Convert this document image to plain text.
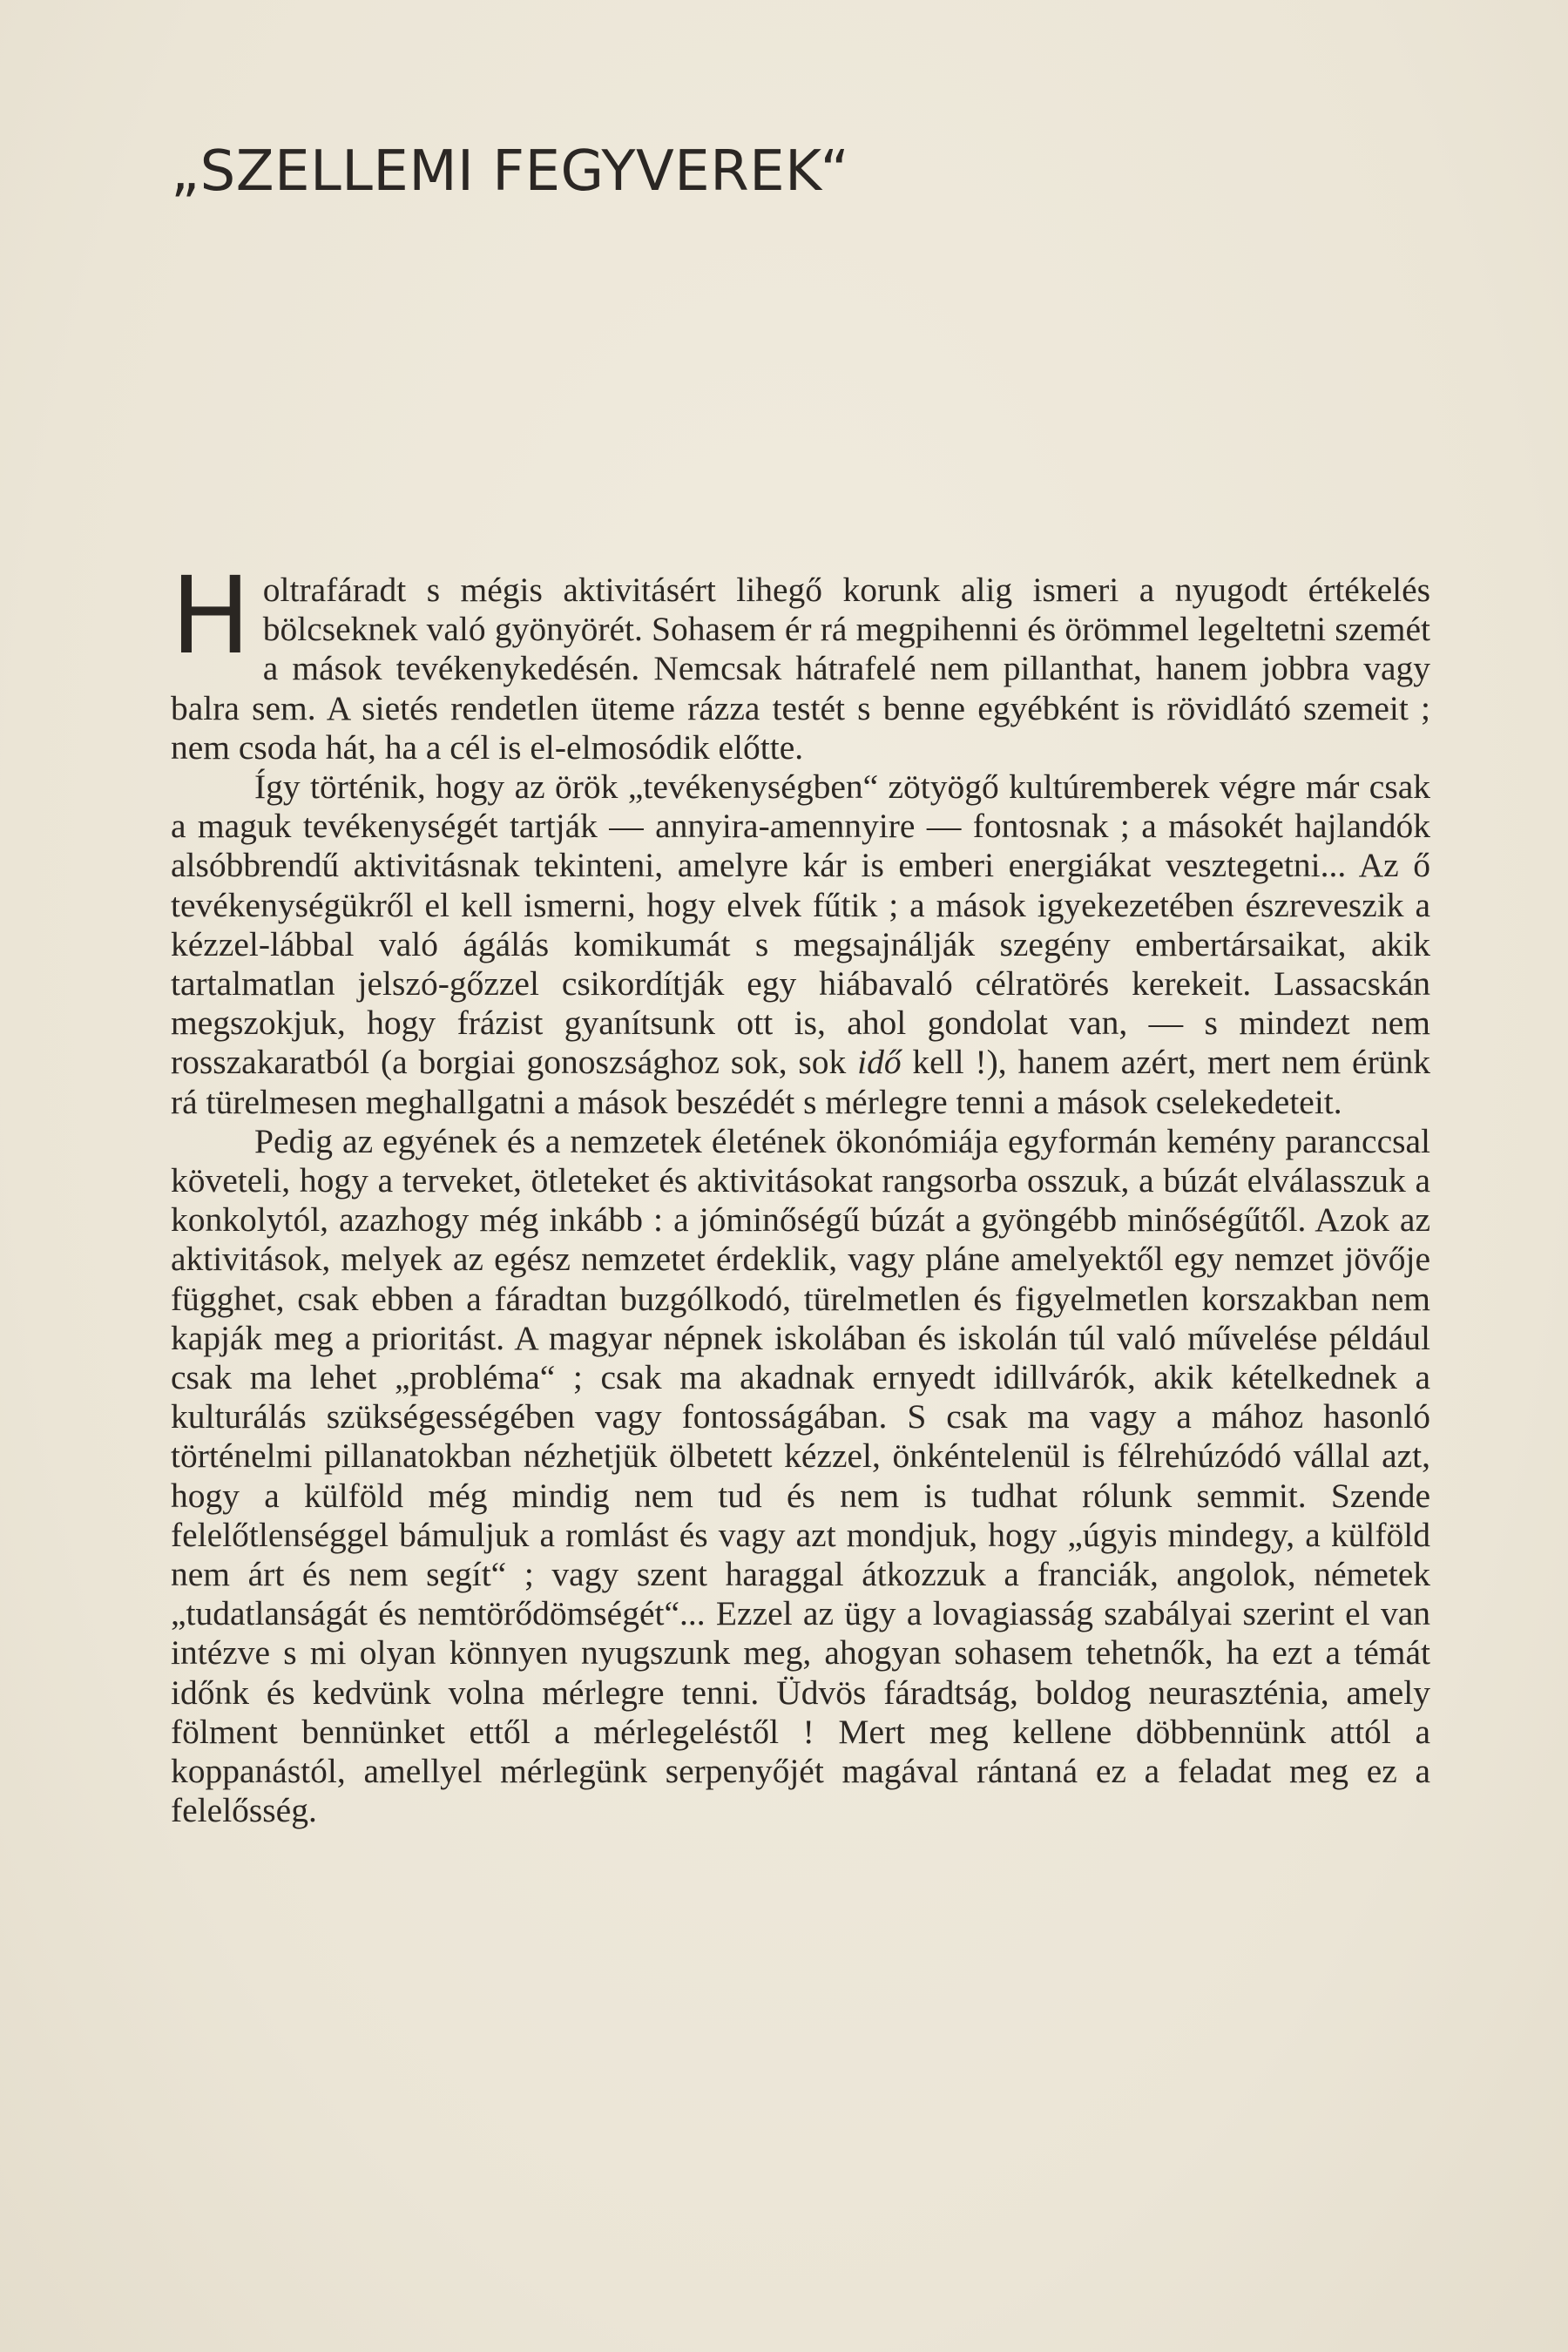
„SZELLEMI FEGYVEREK“

Holtrafáradt s mégis aktivitásért lihegő korunk alig ismeri a nyugodt értékelés bölcseknek való gyönyörét. Sohasem ér rá megpihenni és örömmel legeltetni szemét a mások tevékenykedésén. Nemcsak hátrafelé nem pillanthat, hanem jobbra vagy balra sem. A sietés rendetlen üteme rázza testét s benne egyébként is rövidlátó szemeit ; nem csoda hát, ha a cél is el-elmosódik előtte.

Így történik, hogy az örök „tevékenységben“ zötyögő kultúremberek végre már csak a maguk tevékenységét tartják — annyira-amennyire — fontosnak ; a másokét hajlandók alsóbbrendű aktivitásnak tekinteni, amelyre kár is emberi energiákat vesztegetni... Az ő tevékenységükről el kell ismerni, hogy elvek fűtik ; a mások igyekezetében észreveszik a kézzel-lábbal való ágálás komikumát s megsajnálják szegény embertársaikat, akik tartalmatlan jelszó-gőzzel csikordítják egy hiábavaló célratörés kerekeit. Lassacskán megszokjuk, hogy frázist gyanítsunk ott is, ahol gondolat van, — s mindezt nem rosszakaratból (a borgiai gonoszsághoz sok, sok idő kell !), hanem azért, mert nem érünk rá türelmesen meghallgatni a mások beszédét s mérlegre tenni a mások cselekedeteit.

Pedig az egyének és a nemzetek életének ökonómiája egyformán kemény paranccsal követeli, hogy a terveket, ötleteket és aktivitásokat rangsorba osszuk, a búzát elválasszuk a konkolytól, azazhogy még inkább : a jóminőségű búzát a gyöngébb minőségűtől. Azok az aktivitások, melyek az egész nemzetet érdeklik, vagy pláne amelyektől egy nemzet jövője függhet, csak ebben a fáradtan buzgólkodó, türelmetlen és figyelmetlen korszakban nem kapják meg a prioritást. A magyar népnek iskolában és iskolán túl való művelése például csak ma lehet „probléma“ ; csak ma akadnak ernyedt idillvárók, akik kételkednek a kulturálás szükségességében vagy fontosságában. S csak ma vagy a mához hasonló történelmi pillanatokban nézhetjük ölbetett kézzel, önkéntelenül is félrehúzódó vállal azt, hogy a külföld még mindig nem tud és nem is tudhat rólunk semmit. Szende felelőtlenséggel bámuljuk a romlást és vagy azt mondjuk, hogy „úgyis mindegy, a külföld nem árt és nem segít“ ; vagy szent haraggal átkozzuk a franciák, angolok, németek „tudatlanságát és nemtörődömségét“... Ezzel az ügy a lovagiasság szabályai szerint el van intézve s mi olyan könnyen nyugszunk meg, ahogyan sohasem tehetnők, ha ezt a témát időnk és kedvünk volna mérlegre tenni. Üdvös fáradtság, boldog neuraszténia, amely fölment bennünket ettől a mérlegeléstől ! Mert meg kellene döbbennünk attól a koppanástól, amellyel mérlegünk serpenyőjét magával rántaná ez a feladat meg ez a felelősség.
